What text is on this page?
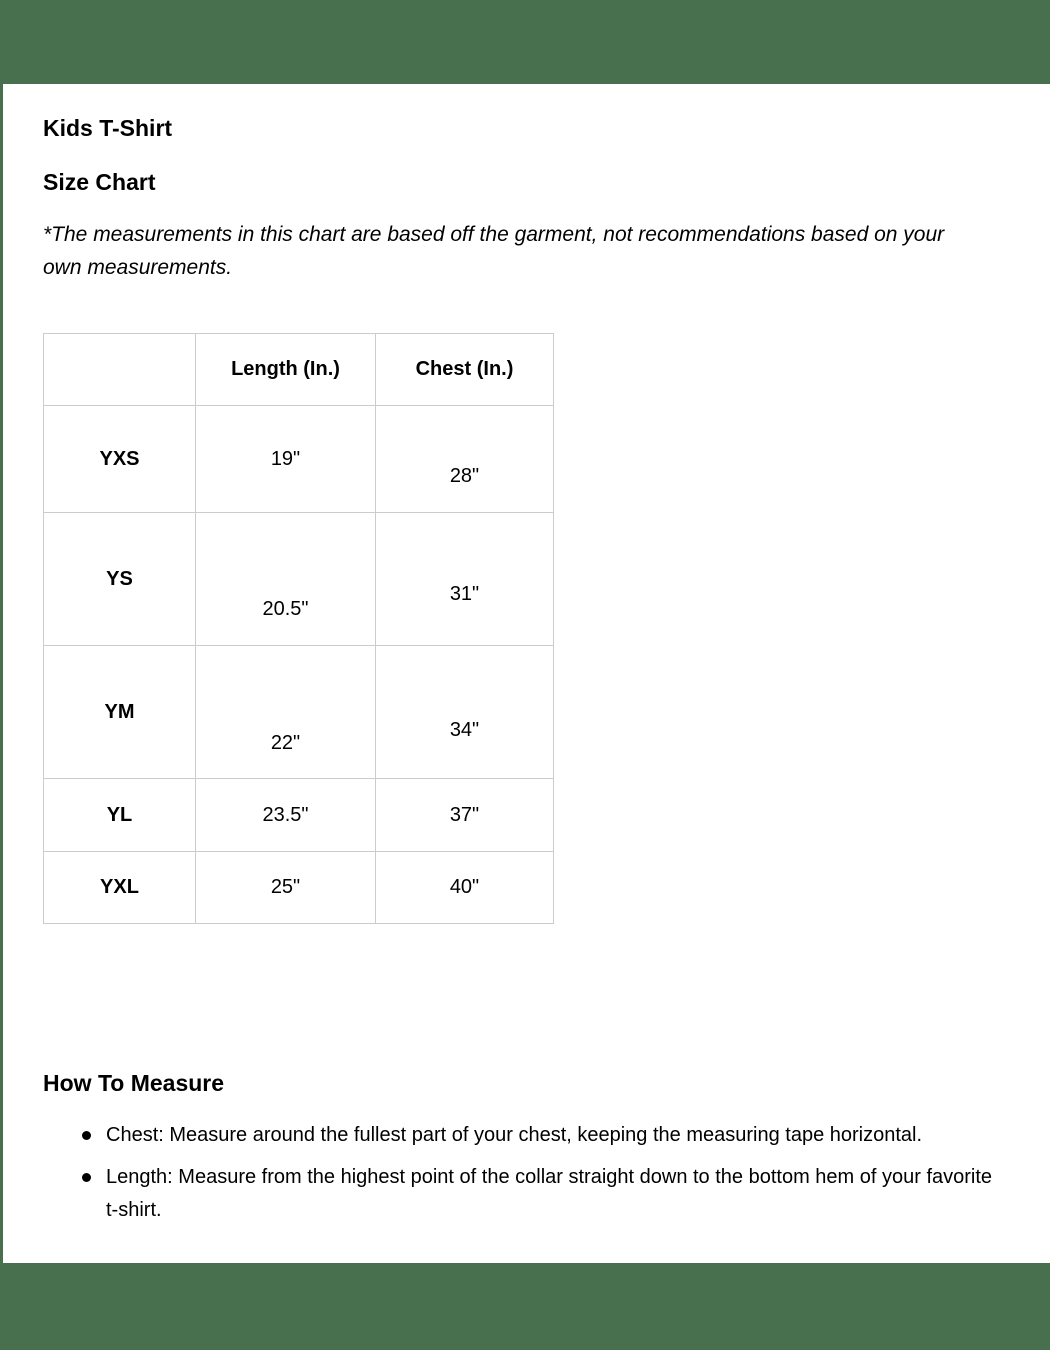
Kids T-Shirt
Size Chart
*The measurements in this chart are based off the garment, not recommendations based on your own measurements.
	Length (In.)	Chest (In.)
YXS	19"	28"
YS	20.5"	31"
YM	22"	34"
YL	23.5"	37"
YXL	25"	40"
How To Measure
Chest: Measure around the fullest part of your chest, keeping the measuring tape horizontal.
Length: Measure from the highest point of the collar straight down to the bottom hem of your favorite t-shirt.
